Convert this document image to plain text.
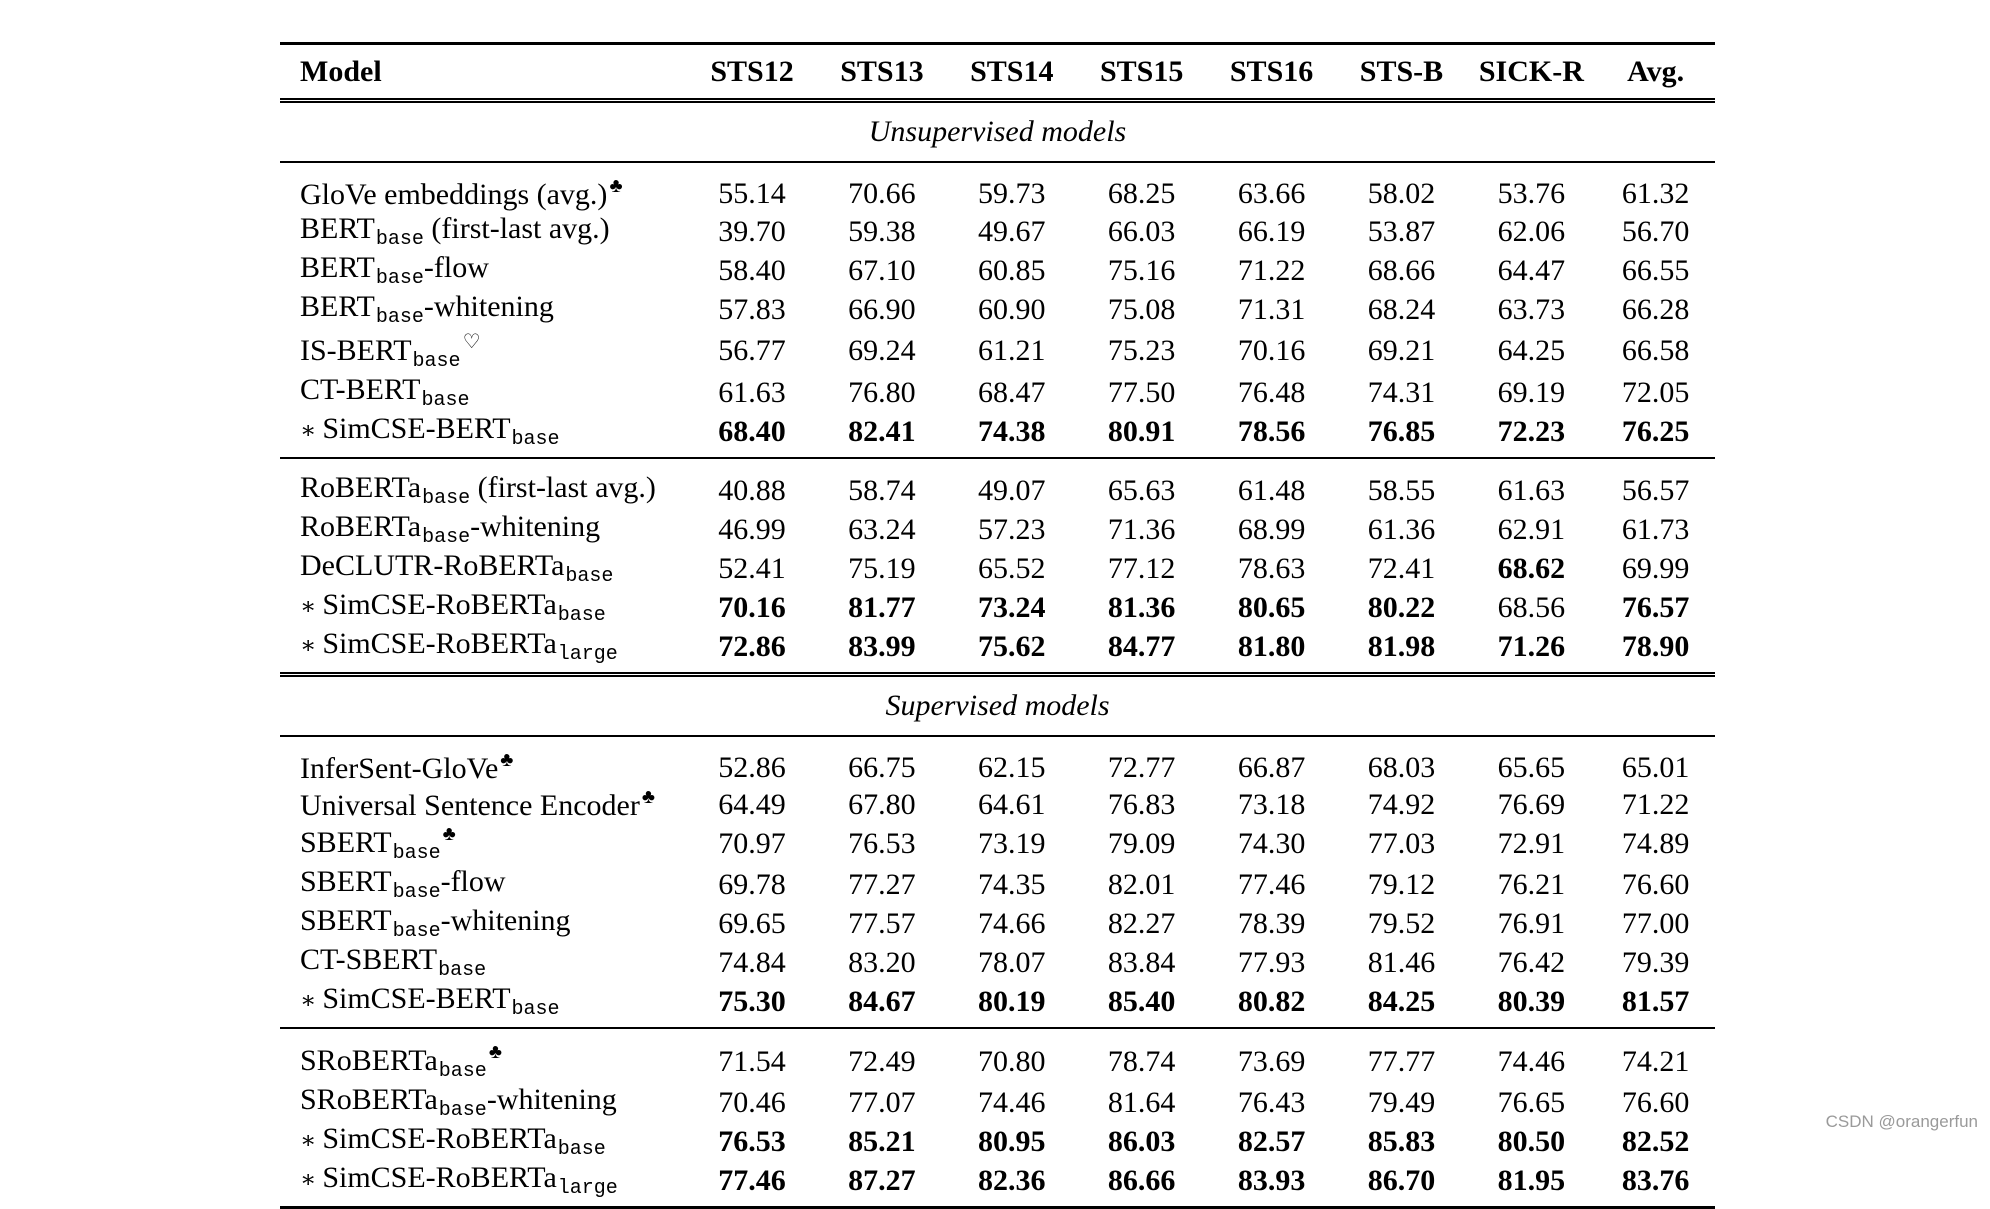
Model	STS12	STS13	STS14	STS15	STS16	STS-B	SICK-R	Avg.
Unsupervised models								
GloVe embeddings (avg.) ♣	55.14	70.66	59.73	68.25	63.66	58.02	53.76	61.32
$BERT_{base}$ (first-last avg.)	39.70	59.38	49.67	66.03	66.19	53.87	62.06	56.70
$BERT_{base}$-flow	58.40	67.10	60.85	75.16	71.22	68.66	64.47	66.55
$BERT_{base}$-whitening	57.83	66.90	60.90	75.08	71.31	68.24	63.73	66.28
$IS-BERT_{base}^♡$	56.77	69.24	61.21	75.23	70.16	69.21	64.25	66.58
$CT-BERT_{base}$	61.63	76.80	68.47	77.50	76.48	74.31	69.19	72.05
∗ SimCSE-$BERT_{base}$	68.40	82.41	74.38	80.91	78.56	76.85	72.23	76.25
RoBERTa$_{base}$ (first-last avg.)	40.88	58.74	49.07	65.63	61.48	58.55	61.63	56.57
RoBERTa$_{base}$-whitening	46.99	63.24	57.23	71.36	68.99	61.36	62.91	61.73
DeCLUTR-RoBERTa$_{base}$	52.41	75.19	65.52	77.12	78.63	72.41	68.62	69.99
∗ SimCSE-RoBERTa$_{base}$	70.16	81.77	73.24	81.36	80.65	80.22	68.56	76.57
∗ SimCSE-RoBERTa$_{large}$	72.86	83.99	75.62	84.77	81.80	81.98	71.26	78.90
Supervised models								
InferSent-GloVe ♣	52.86	66.75	62.15	72.77	66.87	68.03	65.65	65.01
Universal Sentence Encoder ♣	64.49	67.80	64.61	76.83	73.18	74.92	76.69	71.22
$SBERT_{base}^♣$	70.97	76.53	73.19	79.09	74.30	77.03	72.91	74.89
$SBERT_{base}$-flow	69.78	77.27	74.35	82.01	77.46	79.12	76.21	76.60
$SBERT_{base}$-whitening	69.65	77.57	74.66	82.27	78.39	79.52	76.91	77.00
$CT-SBERT_{base}$	74.84	83.20	78.07	83.84	77.93	81.46	76.42	79.39
∗ SimCSE-$BERT_{base}$	75.30	84.67	80.19	85.40	80.82	84.25	80.39	81.57
SRoBERTa$_{base}$♣	71.54	72.49	70.80	78.74	73.69	77.77	74.46	74.21
SRoBERTa$_{base}$-whitening	70.46	77.07	74.46	81.64	76.43	79.49	76.65	76.60
∗ SimCSE-RoBERTa$_{base}$	76.53	85.21	80.95	86.03	82.57	85.83	80.50	82.52
∗ SimCSE-RoBERTa$_{large}$	77.46	87.27	82.36	86.66	83.93	86.70	81.95	83.76
CSDN @orangerfun
